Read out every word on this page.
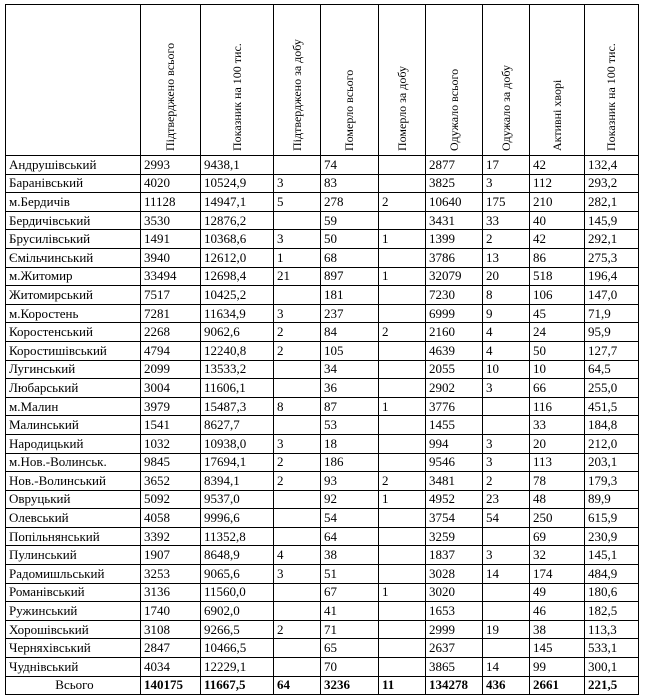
	Підтверджено всього	Показник на 100 тис.	Підтверджено за добу	Померло всього	Померло за добу	Одужало всього	Одужало за добу	Активні хворі	Показник на 100 тис.

Андрушівський	2993	9438,1		74		2877	17	42	132,4
Баранівський	4020	10524,9	3	83		3825	3	112	293,2
м.Бердичів	11128	14947,1	5	278	2	10640	175	210	282,1
Бердичівський	3530	12876,2		59		3431	33	40	145,9
Брусилівський	1491	10368,6	3	50	1	1399	2	42	292,1
Ємільчинський	3940	12612,0	1	68		3786	13	86	275,3
м.Житомир	33494	12698,4	21	897	1	32079	20	518	196,4
Житомирський	7517	10425,2		181		7230	8	106	147,0
м.Коростень	7281	11634,9	3	237		6999	9	45	71,9
Коростенський	2268	9062,6	2	84	2	2160	4	24	95,9
Коростишівський	4794	12240,8	2	105		4639	4	50	127,7
Лугинський	2099	13533,2		34		2055	10	10	64,5
Любарський	3004	11606,1		36		2902	3	66	255,0
м.Малин	3979	15487,3	8	87	1	3776		116	451,5
Малинський	1541	8627,7		53		1455		33	184,8
Народицький	1032	10938,0	3	18		994	3	20	212,0
м.Нов.-Волинськ.	9845	17694,1	2	186		9546	3	113	203,1
Нов.-Волинський	3652	8394,1	2	93	2	3481	2	78	179,3
Овруцький	5092	9537,0		92	1	4952	23	48	89,9
Олевський	4058	9996,6		54		3754	54	250	615,9
Попільнянський	3392	11352,8		64		3259		69	230,9
Пулинський	1907	8648,9	4	38		1837	3	32	145,1
Радомишльський	3253	9065,6	3	51		3028	14	174	484,9
Романівський	3136	11560,0		67	1	3020		49	180,6
Ружинський	1740	6902,0		41		1653		46	182,5
Хорошівський	3108	9266,5	2	71		2999	19	38	113,3
Черняхівський	2847	10466,5		65		2637		145	533,1
Чуднівський	4034	12229,1		70		3865	14	99	300,1
Всього	140175	11667,5	64	3236	11	134278	436	2661	221,5
